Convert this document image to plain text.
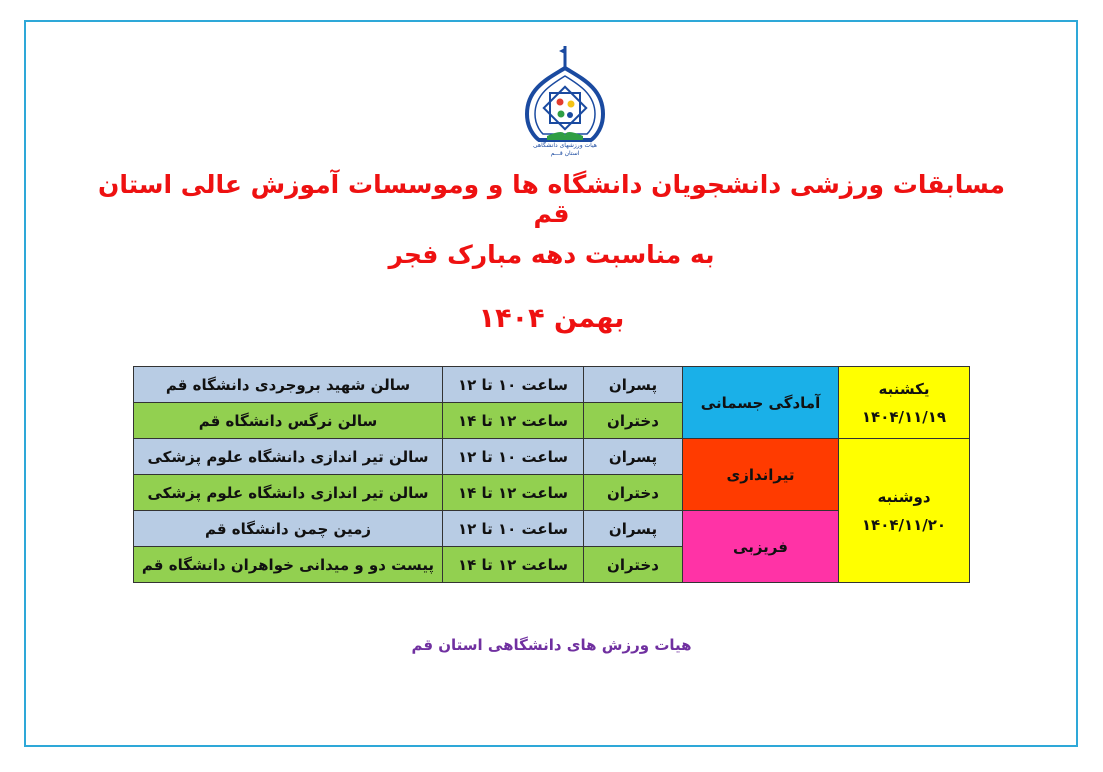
هیات ورزشهای دانشگاهی
استان قـــم
مسابقات ورزشی دانشجویان دانشگاه ها و وموسسات آموزش عالی استان قم
به مناسبت دهه مبارک فجر
بهمن ۱۴۰۴
یکشنبه
۱۴۰۴/۱۱/۱۹	آمادگی جسمانی	پسران	ساعت ۱۰ تا ۱۲	سالن شهید بروجردی دانشگاه قم
		دختران	ساعت ۱۲ تا ۱۴	سالن نرگس دانشگاه قم

دوشنبه
۱۴۰۴/۱۱/۲۰	تیراندازی	پسران	ساعت ۱۰ تا ۱۲	سالن تیر اندازی دانشگاه علوم پزشکی
		دختران	ساعت ۱۲ تا ۱۴	سالن تیر اندازی دانشگاه علوم پزشکی
	فریزبی	پسران	ساعت ۱۰ تا ۱۲	زمین چمن دانشگاه قم
		دختران	ساعت ۱۲ تا ۱۴	پیست دو و میدانی خواهران دانشگاه قم
هیات ورزش های دانشگاهی استان قم
